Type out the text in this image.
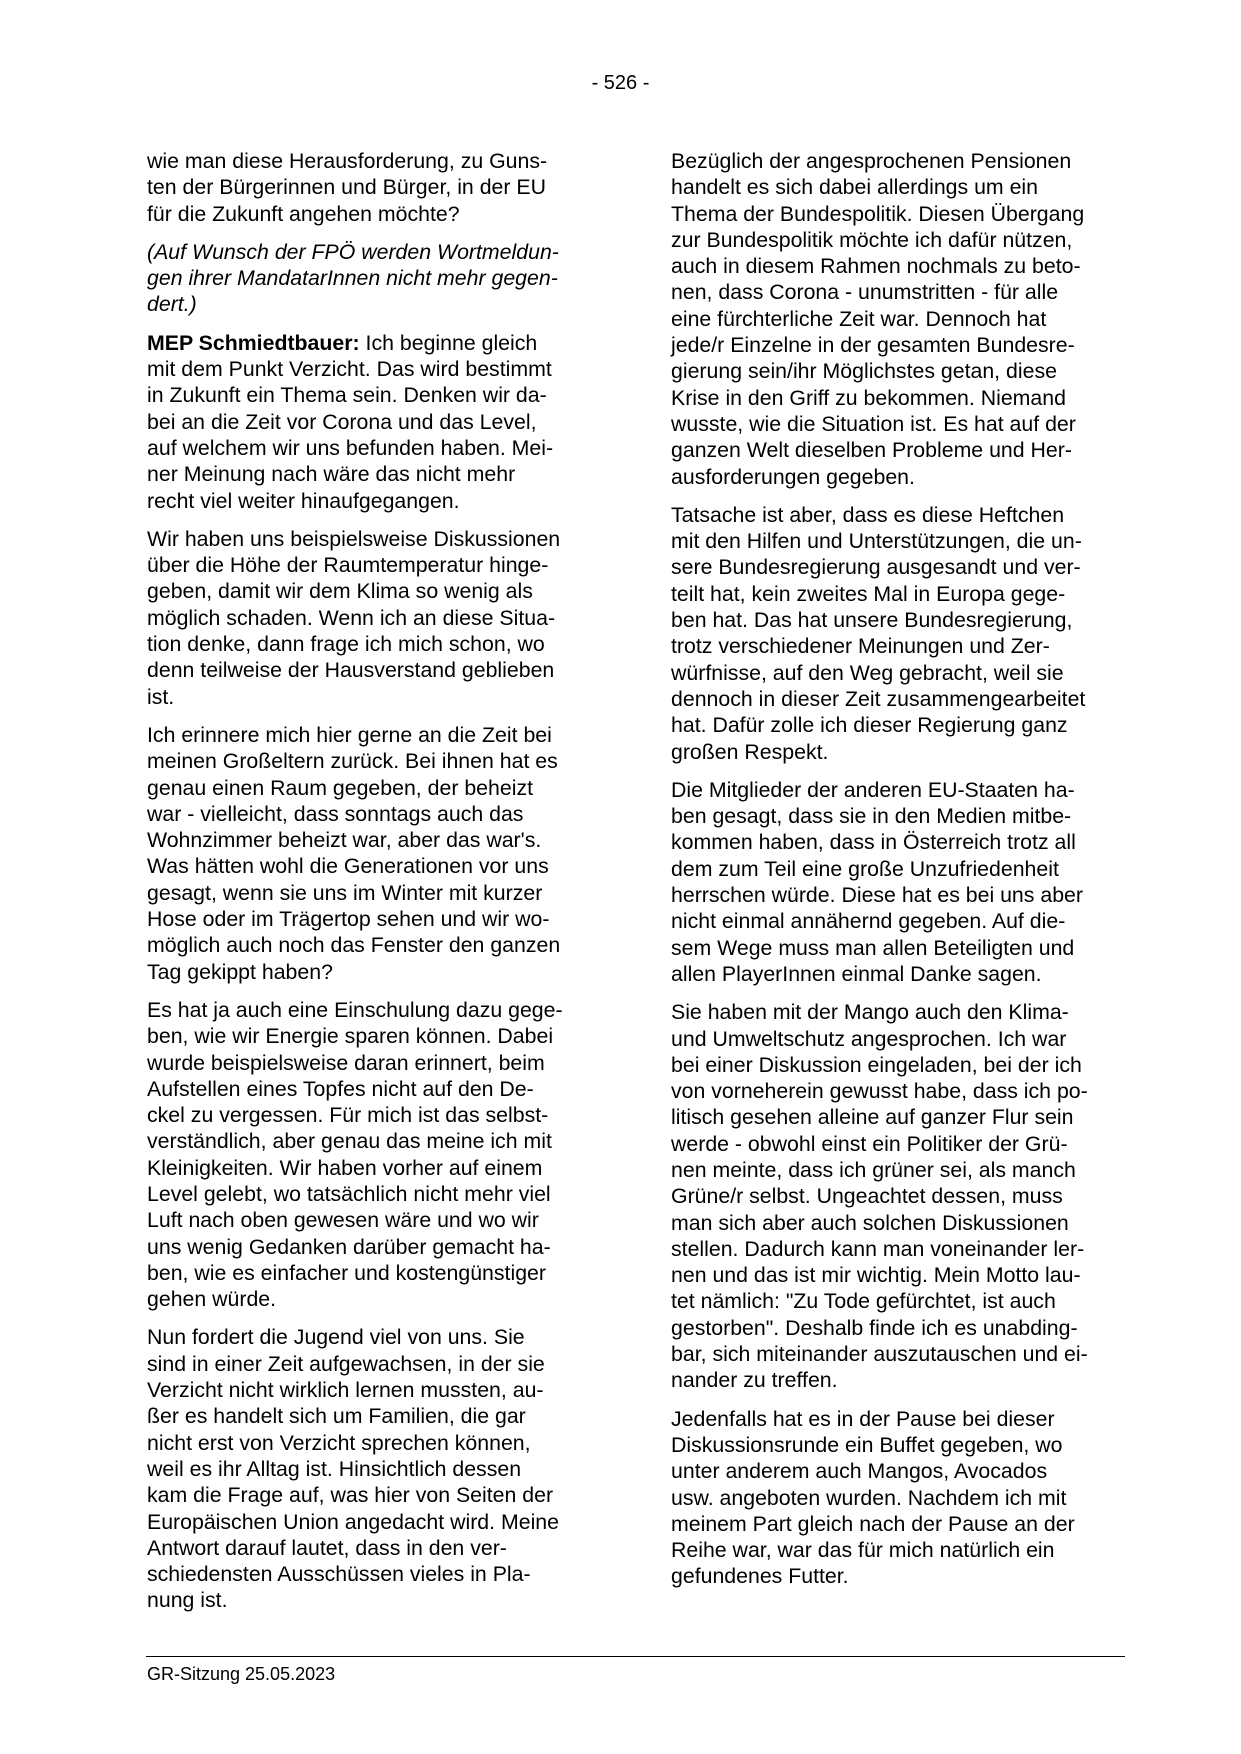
- 526 -

wie man diese Herausforderung, zu Guns-
ten der Bürgerinnen und Bürger, in der EU
für die Zukunft angehen möchte?

(Auf Wunsch der FPÖ werden Wortmeldun-
gen ihrer MandatarInnen nicht mehr gegen-
dert.)

MEP Schmiedtbauer: Ich beginne gleich
mit dem Punkt Verzicht. Das wird bestimmt
in Zukunft ein Thema sein. Denken wir da-
bei an die Zeit vor Corona und das Level,
auf welchem wir uns befunden haben. Mei-
ner Meinung nach wäre das nicht mehr
recht viel weiter hinaufgegangen.

Wir haben uns beispielsweise Diskussionen
über die Höhe der Raumtemperatur hinge-
geben, damit wir dem Klima so wenig als
möglich schaden. Wenn ich an diese Situa-
tion denke, dann frage ich mich schon, wo
denn teilweise der Hausverstand geblieben
ist.

Ich erinnere mich hier gerne an die Zeit bei
meinen Großeltern zurück. Bei ihnen hat es
genau einen Raum gegeben, der beheizt
war - vielleicht, dass sonntags auch das
Wohnzimmer beheizt war, aber das war's.
Was hätten wohl die Generationen vor uns
gesagt, wenn sie uns im Winter mit kurzer
Hose oder im Trägertop sehen und wir wo-
möglich auch noch das Fenster den ganzen
Tag gekippt haben?

Es hat ja auch eine Einschulung dazu gege-
ben, wie wir Energie sparen können. Dabei
wurde beispielsweise daran erinnert, beim
Aufstellen eines Topfes nicht auf den De-
ckel zu vergessen. Für mich ist das selbst-
verständlich, aber genau das meine ich mit
Kleinigkeiten. Wir haben vorher auf einem
Level gelebt, wo tatsächlich nicht mehr viel
Luft nach oben gewesen wäre und wo wir
uns wenig Gedanken darüber gemacht ha-
ben, wie es einfacher und kostengünstiger
gehen würde.

Nun fordert die Jugend viel von uns. Sie
sind in einer Zeit aufgewachsen, in der sie
Verzicht nicht wirklich lernen mussten, au-
ßer es handelt sich um Familien, die gar
nicht erst von Verzicht sprechen können,
weil es ihr Alltag ist. Hinsichtlich dessen
kam die Frage auf, was hier von Seiten der
Europäischen Union angedacht wird. Meine
Antwort darauf lautet, dass in den ver-
schiedensten Ausschüssen vieles in Pla-
nung ist.

Bezüglich der angesprochenen Pensionen
handelt es sich dabei allerdings um ein
Thema der Bundespolitik. Diesen Übergang
zur Bundespolitik möchte ich dafür nützen,
auch in diesem Rahmen nochmals zu beto-
nen, dass Corona - unumstritten - für alle
eine fürchterliche Zeit war. Dennoch hat
jede/r Einzelne in der gesamten Bundesre-
gierung sein/ihr Möglichstes getan, diese
Krise in den Griff zu bekommen. Niemand
wusste, wie die Situation ist. Es hat auf der
ganzen Welt dieselben Probleme und Her-
ausforderungen gegeben.

Tatsache ist aber, dass es diese Heftchen
mit den Hilfen und Unterstützungen, die un-
sere Bundesregierung ausgesandt und ver-
teilt hat, kein zweites Mal in Europa gege-
ben hat. Das hat unsere Bundesregierung,
trotz verschiedener Meinungen und Zer-
würfnisse, auf den Weg gebracht, weil sie
dennoch in dieser Zeit zusammengearbeitet
hat. Dafür zolle ich dieser Regierung ganz
großen Respekt.

Die Mitglieder der anderen EU-Staaten ha-
ben gesagt, dass sie in den Medien mitbe-
kommen haben, dass in Österreich trotz all
dem zum Teil eine große Unzufriedenheit
herrschen würde. Diese hat es bei uns aber
nicht einmal annähernd gegeben. Auf die-
sem Wege muss man allen Beteiligten und
allen PlayerInnen einmal Danke sagen.

Sie haben mit der Mango auch den Klima-
und Umweltschutz angesprochen. Ich war
bei einer Diskussion eingeladen, bei der ich
von vorneherein gewusst habe, dass ich po-
litisch gesehen alleine auf ganzer Flur sein
werde - obwohl einst ein Politiker der Grü-
nen meinte, dass ich grüner sei, als manch
Grüne/r selbst. Ungeachtet dessen, muss
man sich aber auch solchen Diskussionen
stellen. Dadurch kann man voneinander ler-
nen und das ist mir wichtig. Mein Motto lau-
tet nämlich: "Zu Tode gefürchtet, ist auch
gestorben". Deshalb finde ich es unabding-
bar, sich miteinander auszutauschen und ei-
nander zu treffen.

Jedenfalls hat es in der Pause bei dieser
Diskussionsrunde ein Buffet gegeben, wo
unter anderem auch Mangos, Avocados
usw. angeboten wurden. Nachdem ich mit
meinem Part gleich nach der Pause an der
Reihe war, war das für mich natürlich ein
gefundenes Futter.

GR-Sitzung 25.05.2023
